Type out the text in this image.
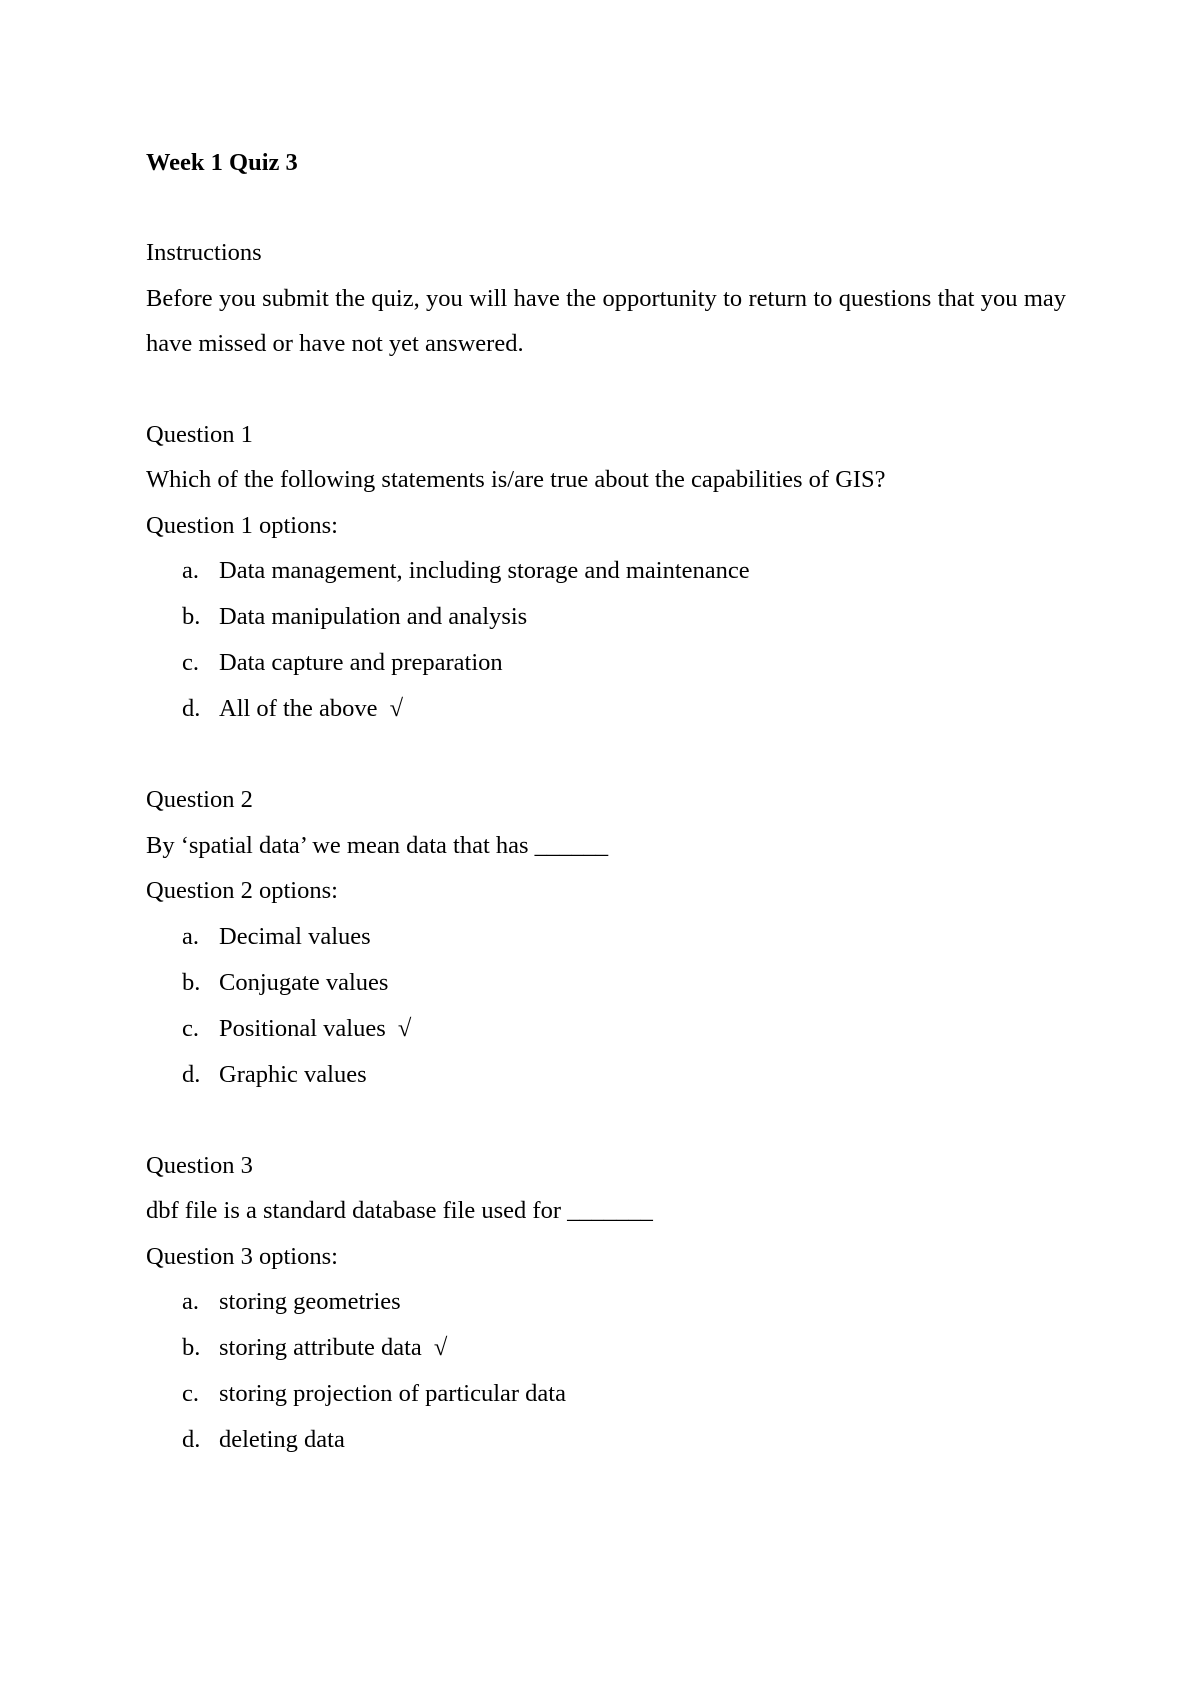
Week 1 Quiz 3
Instructions

Before you submit the quiz, you will have the opportunity to return to questions that you may have missed or have not yet answered.

Question 1
Which of the following statements is/are true about the capabilities of GIS?
Question 1 options:
a. Data management, including storage and maintenance
b. Data manipulation and analysis
c. Data capture and preparation
d. All of the above √
Question 2
By ‘spatial data’ we mean data that has ______
Question 2 options:
a. Decimal values
b. Conjugate values
c. Positional values √
d. Graphic values
Question 3
dbf file is a standard database file used for _______
Question 3 options:
a. storing geometries
b. storing attribute data √
c. storing projection of particular data
d. deleting data
